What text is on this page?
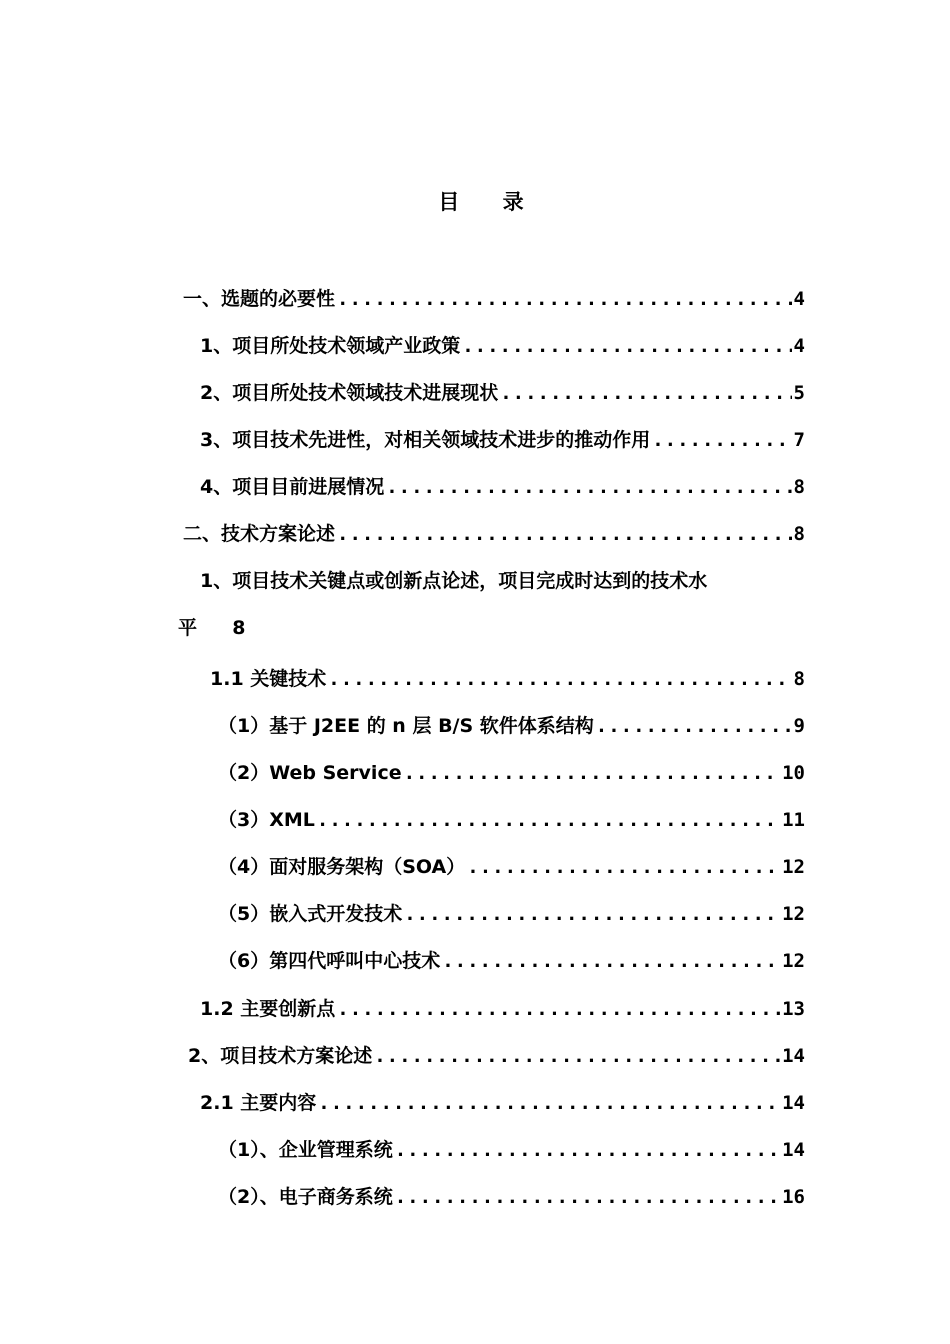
目 录
一、选题的必要性 .....	4
1、项目所处技术领域产业政策 .....	4
2、项目所处技术领域技术进展现状 .....	5
3、项目技术先进性，对相关领域技术进步的推动作用 .....	7
4、项目目前进展情况 .....	8
二、技术方案论述 .....	8
1、项目技术关键点或创新点论述，项目完成时达到的技术水
平 8
1.1 关键技术 .....	8
（1）基于 J2EE 的 n 层 B/S 软件体系结构 .....	9
（2）Web Service .....	10
（3）XML .....	11
（4）面对服务架构（SOA） .....	12
（5）嵌入式开发技术 .....	12
（6）第四代呼叫中心技术 .....	12
1.2 主要创新点 .....	13
2、项目技术方案论述 .....	14
2.1 主要内容 .....	14
（1）、企业管理系统 .....	14
（2）、电子商务系统 .....	16
